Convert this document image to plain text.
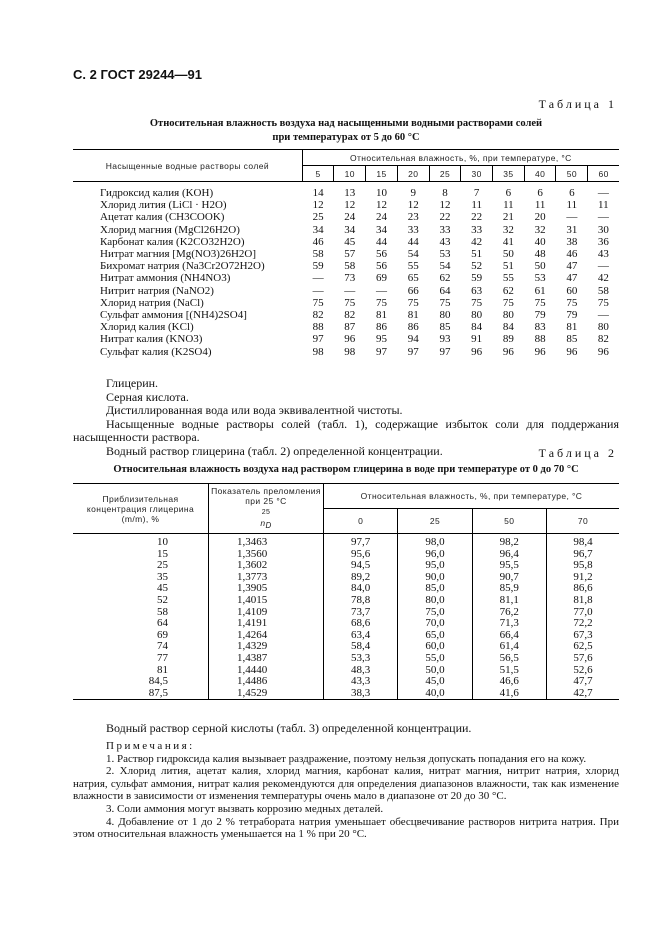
С. 2 ГОСТ 29244—91
Таблица 1
Относительная влажность воздуха над насыщенными водными растворами солей
при температурах от 5 до 60 °С
Насыщенные водные растворы солей	Относительная влажность, %, при температуре, °С									
	5	10	15	20	25	30	35	40	50	60
Гидроксид калия (KOH)	14	13	10	9	8	7	6	6	6	—
Хлорид лития (LiCl · H2O)	12	12	12	12	12	11	11	11	11	11
Ацетат калия (CH3COOK)	25	24	24	23	22	22	21	20	—	—
Хлорид магния (MgCl26H2O)	34	34	34	33	33	33	32	32	31	30
Карбонат калия (K2CO32H2O)	46	45	44	44	43	42	41	40	38	36
Нитрат магния [Mg(NO3)26H2O]	58	57	56	54	53	51	50	48	46	43
Бихромат натрия (Na3Cr2O72H2O)	59	58	56	55	54	52	51	50	47	—
Нитрат аммония (NH4NO3)	—	73	69	65	62	59	55	53	47	42
Нитрит натрия (NaNO2)	—	—	—	66	64	63	62	61	60	58
Хлорид натрия (NaCl)	75	75	75	75	75	75	75	75	75	75
Сульфат аммония [(NH4)2SO4]	82	82	81	81	80	80	80	79	79	—
Хлорид калия (KCl)	88	87	86	86	85	84	84	83	81	80
Нитрат калия (KNO3)	97	96	95	94	93	91	89	88	85	82
Сульфат калия (K2SO4)	98	98	97	97	97	96	96	96	96	96
Глицерин.
Серная кислота.
Дистиллированная вода или вода эквивалентной чистоты.
Насыщенные водные растворы солей (табл. 1), содержащие избыток соли для поддержания насыщенности раствора.
Водный раствор глицерина (табл. 2) определенной концентрации.	Таблица 2
Относительная влажность воздуха над раствором глицерина в воде при температуре от 0 до 70 °С
Приблизительная концентрация глицерина (m/m), %	Показатель преломления при 25 °С
25
nD	Относительная влажность, %, при температуре, °С			
		0	25	50	70
10	1,3463	97,7	98,0	98,2	98,4
15	1,3560	95,6	96,0	96,4	96,7
25	1,3602	94,5	95,0	95,5	95,8
35	1,3773	89,2	90,0	90,7	91,2
45	1,3905	84,0	85,0	85,9	86,6
52	1,4015	78,8	80,0	81,1	81,8
58	1,4109	73,7	75,0	76,2	77,0
64	1,4191	68,6	70,0	71,3	72,2
69	1,4264	63,4	65,0	66,4	67,3
74	1,4329	58,4	60,0	61,4	62,5
77	1,4387	53,3	55,0	56,5	57,6
81	1,4440	48,3	50,0	51,5	52,6
84,5	1,4486	43,3	45,0	46,6	47,7
87,5	1,4529	38,3	40,0	41,6	42,7
Водный раствор серной кислоты (табл. 3) определенной концентрации.
Примечания:
1. Раствор гидроксида калия вызывает раздражение, поэтому нельзя допускать попадания его на кожу.
2. Хлорид лития, ацетат калия, хлорид магния, карбонат калия, нитрат магния, нитрит натрия, хлорид натрия, сульфат аммония, нитрат калия рекомендуются для определения диапазонов влажности, так как изменение влажности в зависимости от изменения температуры очень мало в диапазоне от 20 до 30 °С.
3. Соли аммония могут вызвать коррозию медных деталей.
4. Добавление от 1 до 2 % тетрабората натрия уменьшает обесцвечивание растворов нитрита натрия. При этом относительная влажность уменьшается на 1 % при 20 °С.
